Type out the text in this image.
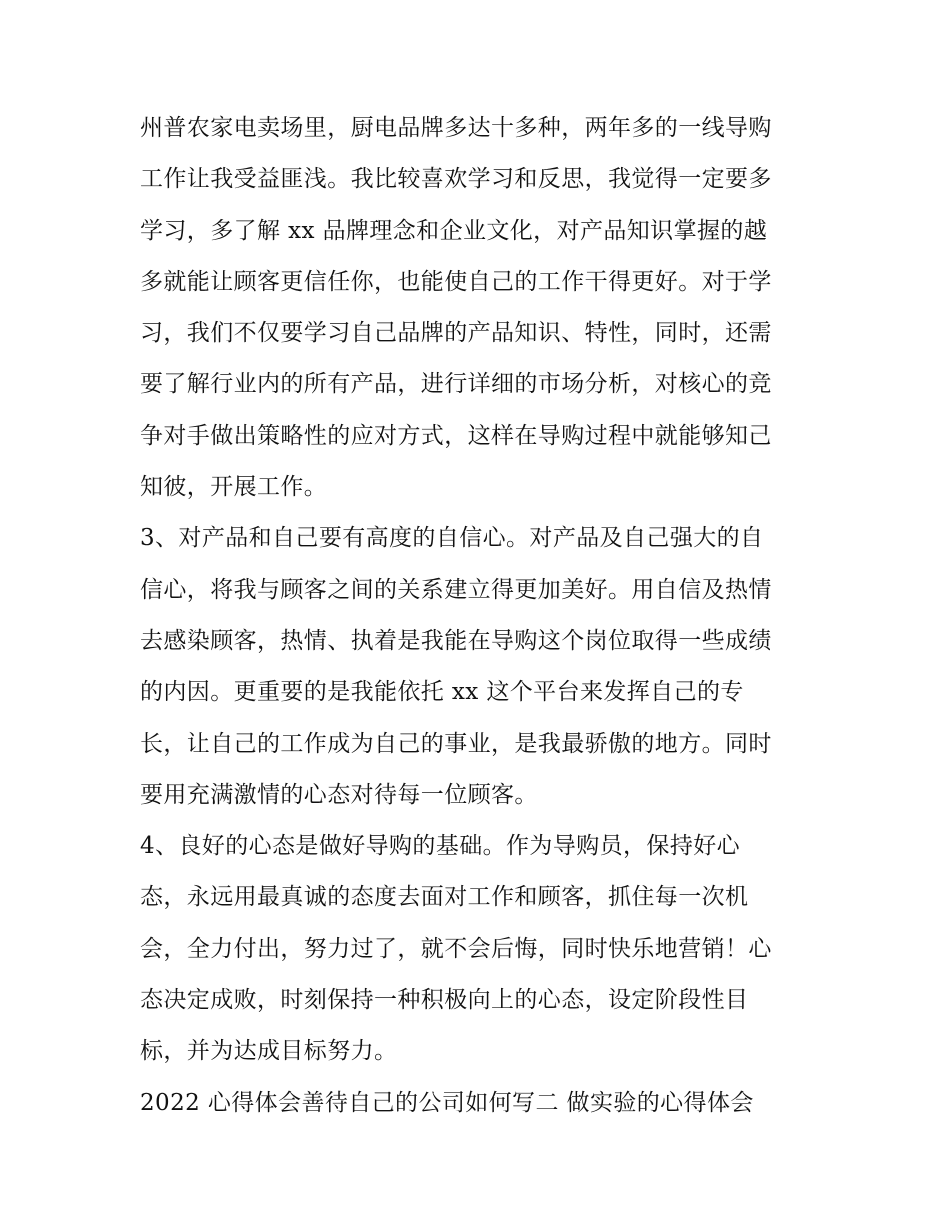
州普农家电卖场里，厨电品牌多达十多种，两年多的一线导购
工作让我受益匪浅。我比较喜欢学习和反思，我觉得一定要多
学习，多了解 xx 品牌理念和企业文化，对产品知识掌握的越
多就能让顾客更信任你，也能使自己的工作干得更好。对于学
习，我们不仅要学习自己品牌的产品知识、特性，同时，还需
要了解行业内的所有产品，进行详细的市场分析，对核心的竞
争对手做出策略性的应对方式，这样在导购过程中就能够知己
知彼，开展工作。
3、对产品和自己要有高度的自信心。对产品及自己强大的自
信心，将我与顾客之间的关系建立得更加美好。用自信及热情
去感染顾客，热情、执着是我能在导购这个岗位取得一些成绩
的内因。更重要的是我能依托 xx 这个平台来发挥自己的专
长，让自己的工作成为自己的事业，是我最骄傲的地方。同时
要用充满激情的心态对待每一位顾客。
4、良好的心态是做好导购的基础。作为导购员，保持好心
态，永远用最真诚的态度去面对工作和顾客，抓住每一次机
会，全力付出，努力过了，就不会后悔，同时快乐地营销！心
态决定成败，时刻保持一种积极向上的心态，设定阶段性目
标，并为达成目标努力。
2022 心得体会善待自己的公司如何写二 做实验的心得体会
